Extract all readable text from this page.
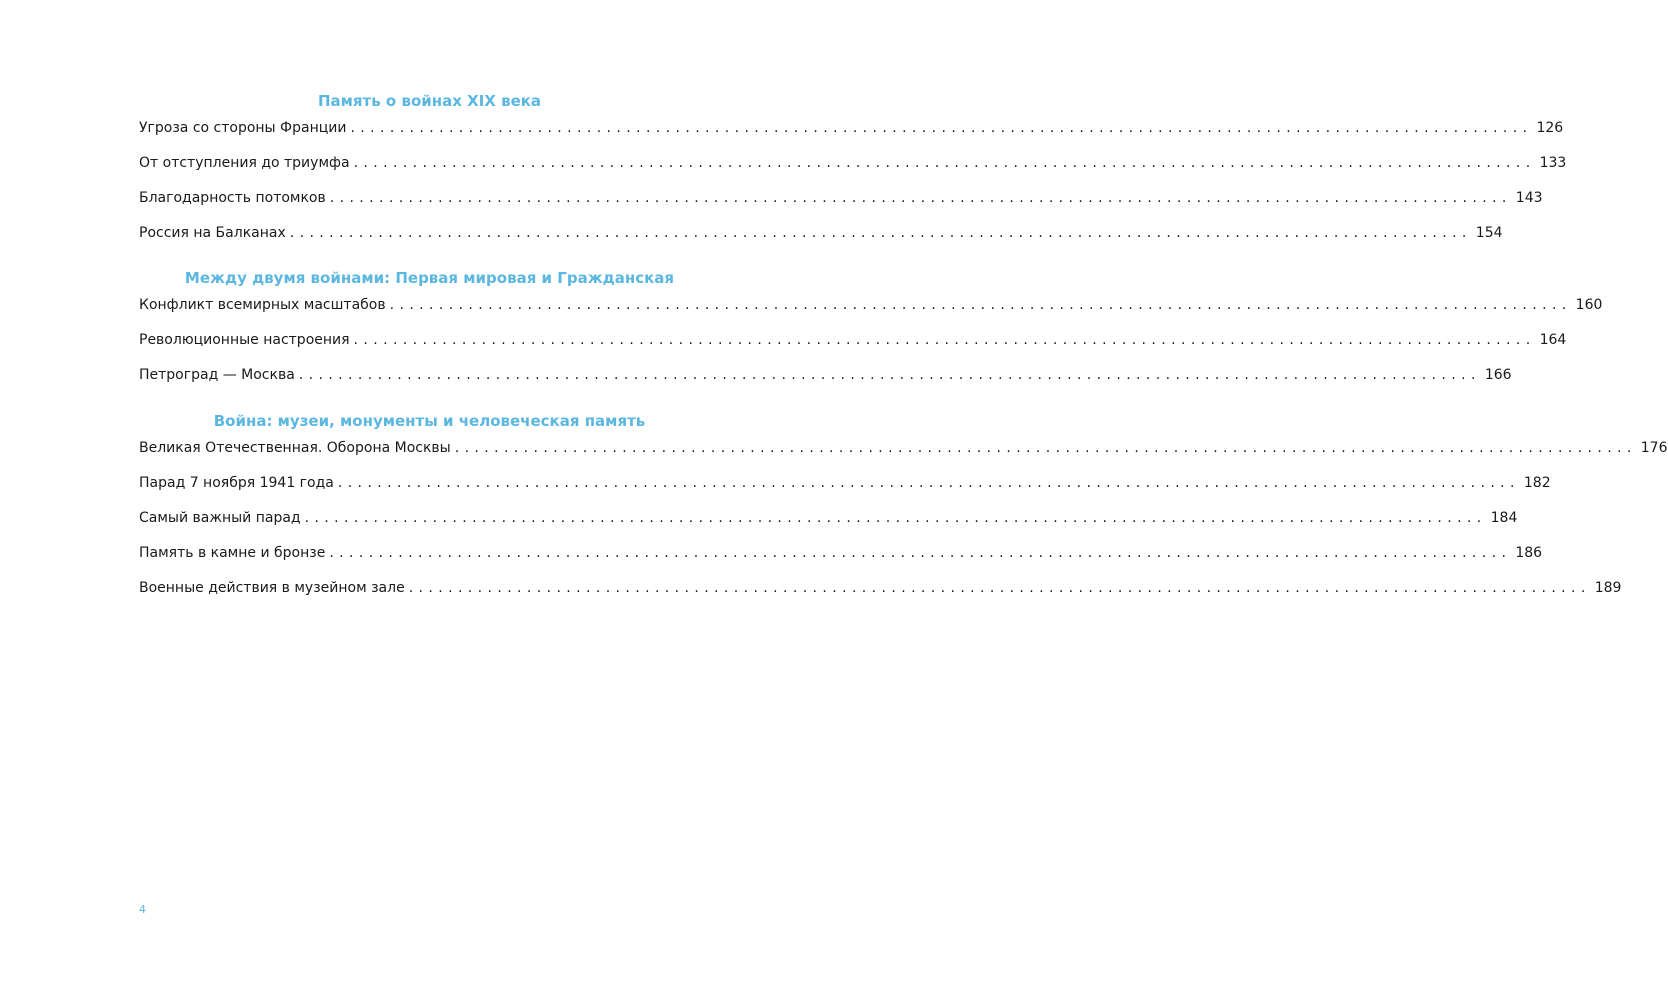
Память о войнах XIX века
Угроза со стороны Франции ........................................................................................................................ 126
От отступления до триумфа ........................................................................................................................ 133
Благодарность потомков ........................................................................................................................ 143
Россия на Балканах ........................................................................................................................ 154
Между двумя войнами: Первая мировая и Гражданская
Конфликт всемирных масштабов ........................................................................................................................ 160
Революционные настроения ........................................................................................................................ 164
Петроград — Москва ........................................................................................................................ 166
Война: музеи, монументы и человеческая память
Великая Отечественная. Оборона Москвы ........................................................................................................................ 176
Парад 7 ноября 1941 года ........................................................................................................................ 182
Самый важный парад ........................................................................................................................ 184
Память в камне и бронзе ........................................................................................................................ 186
Военные действия в музейном зале ........................................................................................................................ 189
4
